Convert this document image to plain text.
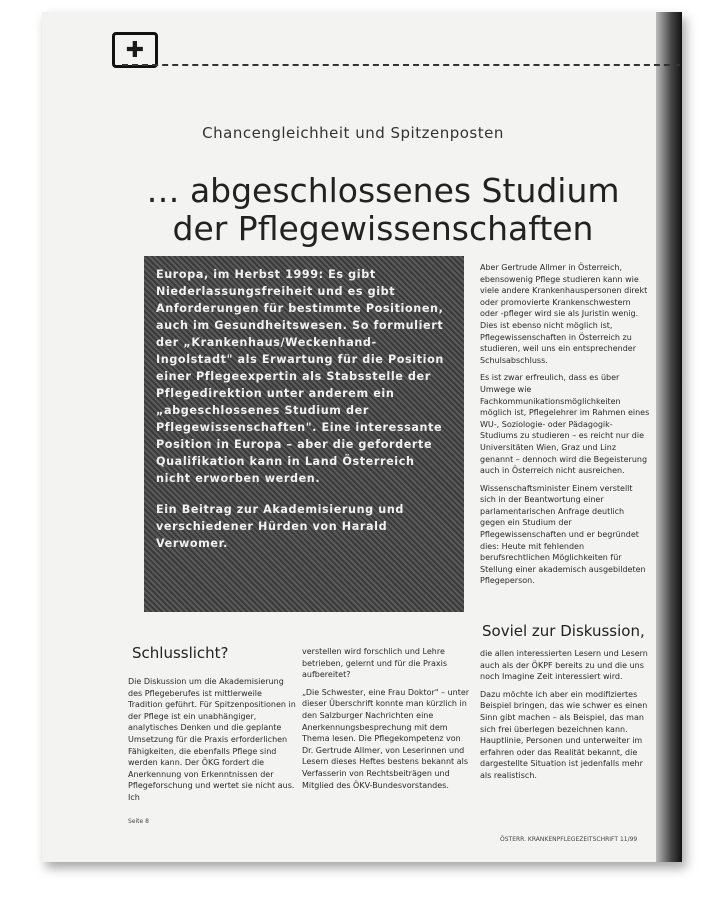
✚
Chancengleichheit und Spitzenposten
… abgeschlossenes Studium
der Pflegewissenschaften

Europa, im Herbst 1999: Es gibt Niederlassungsfreiheit und es gibt Anforderungen für bestimmte Positionen, auch im Gesundheitswesen. So formuliert der „Krankenhaus/Weckenhand-Ingolstadt" als Erwartung für die Position einer Pflegeexpertin als Stabsstelle der Pflegedirektion unter anderem ein „abgeschlossenes Studium der Pflegewissenschaften". Eine interessante Position in Europa – aber die geforderte Qualifikation kann in Land Österreich nicht erworben werden.

Ein Beitrag zur Akademisierung und verschiedener Hürden von Harald Verwomer.

Aber Gertrude Allmer in Österreich, ebensowenig Pflege studieren kann wie viele andere Krankenhauspersonen direkt oder promovierte Krankenschwestern oder -pfleger wird sie als Juristin wenig. Dies ist ebenso nicht möglich ist, Pflegewissenschaften in Österreich zu studieren, weil uns ein entsprechender Schulsabschluss.

Es ist zwar erfreulich, dass es über Umwege wie Fachkommunikationsmöglichkeiten möglich ist, Pflegelehrer im Rahmen eines WU-, Soziologie- oder Pädagogik-Studiums zu studieren – es reicht nur die Universitäten Wien, Graz und Linz genannt – dennoch wird die Begeisterung auch in Österreich nicht ausreichen.

Wissenschaftsminister Einem verstellt sich in der Beantwortung einer parlamentarischen Anfrage deutlich gegen ein Studium der Pflegewissenschaften und er begründet dies: Heute mit fehlenden berufsrechtlichen Möglichkeiten für Stellung einer akademisch ausgebildeten Pflegeperson.

Soviel zur Diskussion,

die allen interessierten Lesern und Lesern auch als der ÖKPF bereits zu und die uns noch Imagine Zeit interessiert wird.

Dazu möchte ich aber ein modifiziertes Beispiel bringen, das wie schwer es einen Sinn gibt machen – als Beispiel, das man sich frei überlegen bezeichnen kann. Hauptlinie, Personen und unterweiter im erfahren oder das Realität bekannt, die dargestellte Situation ist jedenfalls mehr als realistisch.

Schlusslicht?

Die Diskussion um die Akademisierung des Pflegeberufes ist mittlerweile Tradition geführt. Für Spitzenpositionen in der Pflege ist ein unabhängiger, analytisches Denken und die geplante Umsetzung für die Praxis erforderlichen Fähigkeiten, die ebenfalls Pflege sind werden kann. Der ÖKG fordert die Anerkennung von Erkenntnissen der Pflegeforschung und wertet sie nicht aus. Ich

verstellen wird forschlich und Lehre betrieben, gelernt und für die Praxis aufbereitet?

„Die Schwester, eine Frau Doktor" – unter dieser Überschrift konnte man kürzlich in den Salzburger Nachrichten eine Anerkennungsbesprechung mit dem Thema lesen. Die Pflegekompetenz von Dr. Gertrude Allmer, von Leserinnen und Lesern dieses Heftes bestens bekannt als Verfasserin von Rechtsbeiträgen und Mitglied des ÖKV-Bundesvorstandes.

Seite 8
ÖSTERR. KRANKENPFLEGEZEITSCHRIFT 11/99
